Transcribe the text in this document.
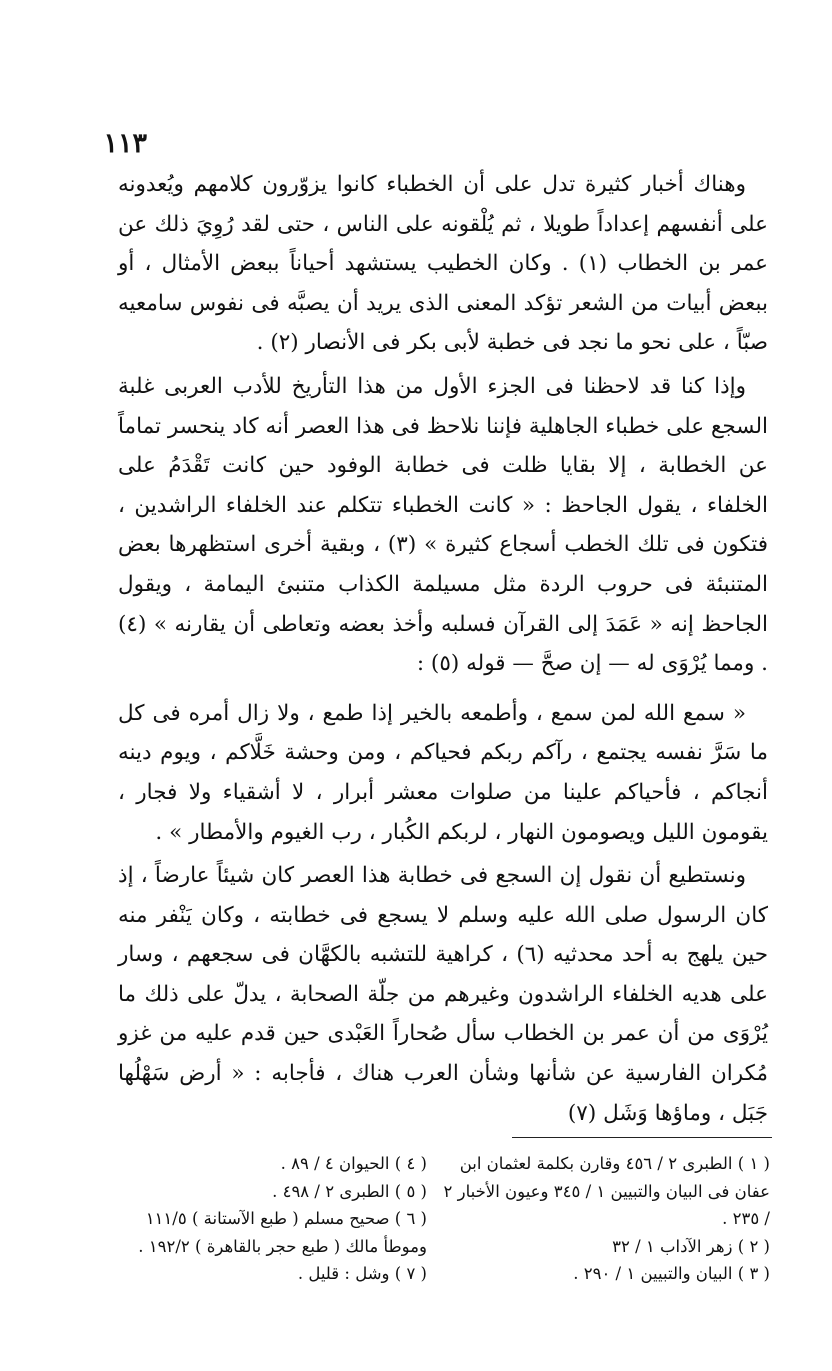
١١٣

وهناك أخبار كثيرة تدل على أن الخطباء كانوا يزوّرون كلامهم ويُعدونه على أنفسهم إعداداً طويلا ، ثم يُلْقونه على الناس ، حتى لقد رُوِيَ ذلك عن عمر بن الخطاب (١) . وكان الخطيب يستشهد أحياناً ببعض الأمثال ، أو ببعض أبيات من الشعر تؤكد المعنى الذى يريد أن يصبَّه فى نفوس سامعيه صبّاً ، على نحو ما نجد فى خطبة لأبى بكر فى الأنصار (٢) .

وإذا كنا قد لاحظنا فى الجزء الأول من هذا التأريخ للأدب العربى غلبة السجع على خطباء الجاهلية فإننا نلاحظ فى هذا العصر أنه كاد ينحسر تماماً عن الخطابة ، إلا بقايا ظلت فى خطابة الوفود حين كانت تَقْدَمُ على الخلفاء ، يقول الجاحظ : « كانت الخطباء تتكلم عند الخلفاء الراشدين ، فتكون فى تلك الخطب أسجاع كثيرة » (٣) ، وبقية أخرى استظهرها بعض المتنبئة فى حروب الردة مثل مسيلمة الكذاب متنبئ اليمامة ، ويقول الجاحظ إنه « عَمَدَ إلى القرآن فسلبه وأخذ بعضه وتعاطى أن يقارنه » (٤) . ومما يُرْوَى له — إن صحَّ — قوله (٥) :

« سمع الله لمن سمع ، وأطمعه بالخير إذا طمع ، ولا زال أمره فى كل ما سَرَّ نفسه يجتمع ، رآكم ربكم فحياكم ، ومن وحشة خَلَّاكم ، ويوم دينه أنجاكم ، فأحياكم علينا من صلوات معشر أبرار ، لا أشقياء ولا فجار ، يقومون الليل ويصومون النهار ، لربكم الكُبار ، رب الغيوم والأمطار » .

ونستطيع أن نقول إن السجع فى خطابة هذا العصر كان شيئاً عارضاً ، إذ كان الرسول صلى الله عليه وسلم لا يسجع فى خطابته ، وكان يَنْفر منه حين يلهج به أحد محدثيه (٦) ، كراهية للتشبه بالكهَّان فى سجعهم ، وسار على هديه الخلفاء الراشدون وغيرهم من جلّة الصحابة ، يدلّ على ذلك ما يُرْوَى من أن عمر بن الخطاب سأل صُحاراً العَبْدى حين قدم عليه من غزو مُكران الفارسية عن شأنها وشأن العرب هناك ، فأجابه : « أرض سَهْلُها جَبَل ، وماؤها وَشَل (٧)

( ١ ) الطبرى ٢ / ٤٥٦ وقارن بكلمة لعثمان ابن عفان فى البيان والتبيين ١ / ٣٤٥ وعيون الأخبار ٢ / ٢٣٥ .

( ٢ ) زهر الآداب ١ / ٣٢

( ٣ ) البيان والتبيين ١ / ٢٩٠ .

( ٤ ) الحيوان ٤ / ٨٩ .

( ٥ ) الطبرى ٢ / ٤٩٨ .

( ٦ ) صحيح مسلم ( طبع الآستانة ) ١١١/٥ وموطأ مالك ( طبع حجر بالقاهرة ) ١٩٢/٢ .

( ٧ ) وشل : قليل .
